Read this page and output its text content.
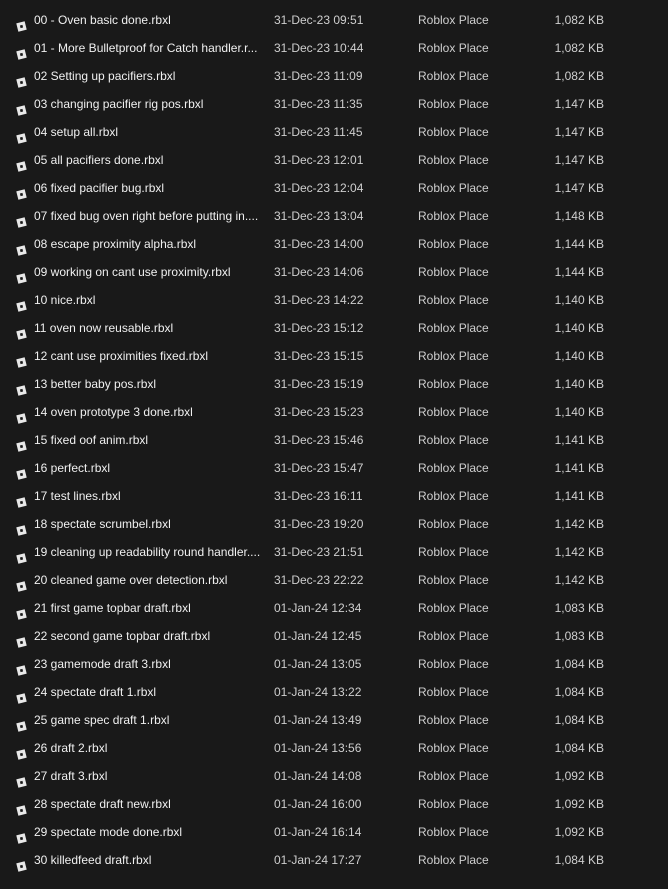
00 - Oven basic done.rbxl	31-Dec-23 09:51	Roblox Place	1,082 KB
01 - More Bulletproof for Catch handler.r...	31-Dec-23 10:44	Roblox Place	1,082 KB
02 Setting up pacifiers.rbxl	31-Dec-23 11:09	Roblox Place	1,082 KB
03 changing pacifier rig pos.rbxl	31-Dec-23 11:35	Roblox Place	1,147 KB
04 setup all.rbxl	31-Dec-23 11:45	Roblox Place	1,147 KB
05 all pacifiers done.rbxl	31-Dec-23 12:01	Roblox Place	1,147 KB
06 fixed pacifier bug.rbxl	31-Dec-23 12:04	Roblox Place	1,147 KB
07 fixed bug oven right before putting in....	31-Dec-23 13:04	Roblox Place	1,148 KB
08 escape proximity alpha.rbxl	31-Dec-23 14:00	Roblox Place	1,144 KB
09 working on cant use proximity.rbxl	31-Dec-23 14:06	Roblox Place	1,144 KB
10 nice.rbxl	31-Dec-23 14:22	Roblox Place	1,140 KB
11 oven now reusable.rbxl	31-Dec-23 15:12	Roblox Place	1,140 KB
12 cant use proximities fixed.rbxl	31-Dec-23 15:15	Roblox Place	1,140 KB
13 better baby pos.rbxl	31-Dec-23 15:19	Roblox Place	1,140 KB
14 oven prototype 3 done.rbxl	31-Dec-23 15:23	Roblox Place	1,140 KB
15 fixed oof anim.rbxl	31-Dec-23 15:46	Roblox Place	1,141 KB
16 perfect.rbxl	31-Dec-23 15:47	Roblox Place	1,141 KB
17 test lines.rbxl	31-Dec-23 16:11	Roblox Place	1,141 KB
18 spectate scrumbel.rbxl	31-Dec-23 19:20	Roblox Place	1,142 KB
19 cleaning up readability round handler.... 31-Dec-23 21:51	Roblox Place	1,142 KB
20 cleaned game over detection.rbxl	31-Dec-23 22:22	Roblox Place	1,142 KB
21 first game topbar draft.rbxl	01-Jan-24 12:34	Roblox Place	1,083 KB
22 second game topbar draft.rbxl	01-Jan-24 12:45	Roblox Place	1,083 KB
23 gamemode draft 3.rbxl	01-Jan-24 13:05	Roblox Place	1,084 KB
24 spectate draft 1.rbxl	01-Jan-24 13:22	Roblox Place	1,084 KB
25 game spec draft 1.rbxl	01-Jan-24 13:49	Roblox Place	1,084 KB
26 draft 2.rbxl	01-Jan-24 13:56	Roblox Place	1,084 KB
27 draft 3.rbxl	01-Jan-24 14:08	Roblox Place	1,092 KB
28 spectate draft new.rbxl	01-Jan-24 16:00	Roblox Place	1,092 KB
29 spectate mode done.rbxl	01-Jan-24 16:14	Roblox Place	1,092 KB
30 killedfeed draft.rbxl	01-Jan-24 17:27	Roblox Place	1,084 KB
